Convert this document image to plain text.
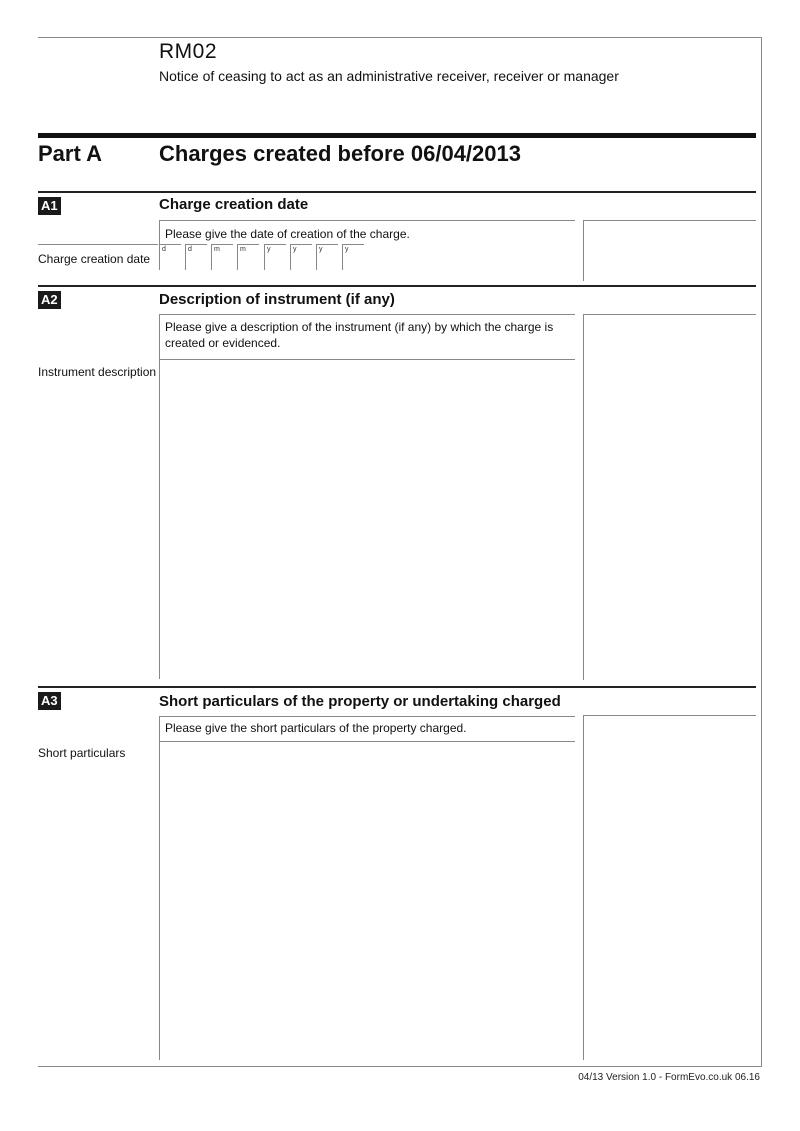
RM02
Notice of ceasing to act as an administrative receiver, receiver or manager
Part A	Charges created before 06/04/2013
A1	Charge creation date
Please give the date of creation of the charge.
Charge creation date
d	d	m	m	y	y	y	y
A2	Description of instrument (if any)
Please give a description of the instrument (if any) by which the charge is created or evidenced.
Instrument description
A3	Short particulars of the property or undertaking charged
Please give the short particulars of the property charged.
Short particulars
04/13 Version 1.0 - FormEvo.co.uk 06.16
